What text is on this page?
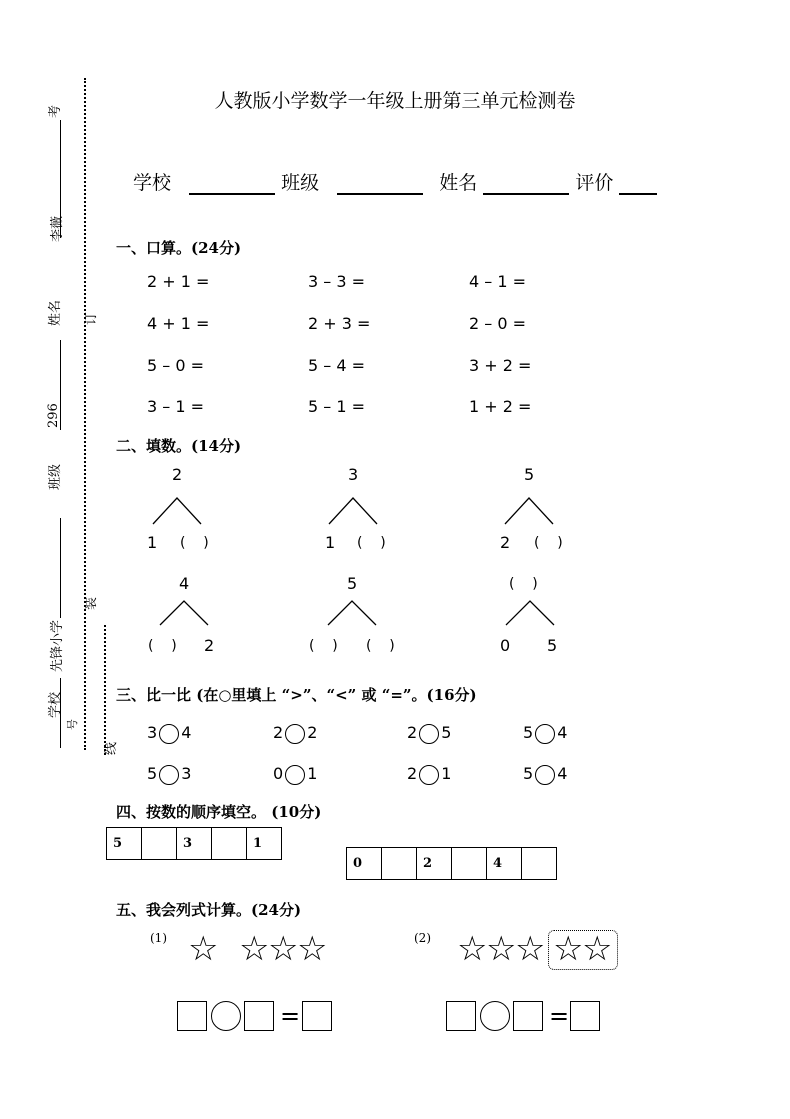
考
李薇
姓名
296
班级
先锋小学
学校
号
订
装
线
人教版小学数学一年级上册第三单元检测卷
学校	班级	姓名	评价
一、口算。(24分)
2 + 1 =	3 – 3 =	4 – 1 =
4 + 1 =	2 + 3 =	2 – 0 =
5 – 0 =	5 – 4 =	3 + 2 =
3 – 1 =	5 – 1 =	1 + 2 =
二、填数。(14分)
2
1 (    )
3
1 (    )
5
2 (    )
4
(    ) 2
5
(    ) (    )
(    )
0 5
三、比一比 (在○里填上 “>”、“<” 或 “=”。(16分)
3 4	2 2	2 5	5 4
5 3	0 1	2 1	5 4
四、按数的顺序填空。 (10分)
5		3		1
0		2		4	
五、我会列式计算。(24分)
(1) ☆ ☆
☆
☆	(2) ☆
☆
☆ ☆
☆
=	=
